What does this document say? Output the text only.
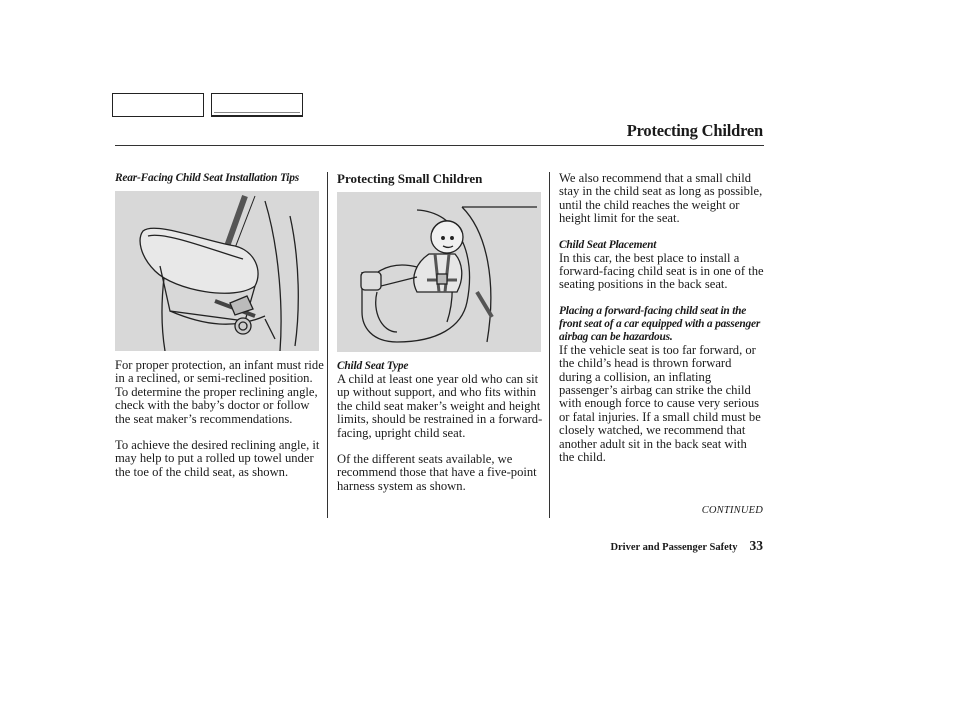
Protecting Children
Rear-Facing Child Seat Installation Tips

For proper protection, an infant must ride in a reclined, or semi-reclined position. To determine the proper reclining angle, check with the baby’s doctor or follow the seat maker’s recommendations.

To achieve the desired reclining angle, it may help to put a rolled up towel under the toe of the child seat, as shown.

Protecting Small Children
Child Seat Type

A child at least one year old who can sit up without support, and who fits within the child seat maker’s weight and height limits, should be restrained in a forward-facing, upright child seat.

Of the different seats available, we recommend those that have a five-point harness system as shown.

We also recommend that a small child stay in the child seat as long as possible, until the child reaches the weight or height limit for the seat.

Child Seat Placement

In this car, the best place to install a forward-facing child seat is in one of the seating positions in the back seat.

Placing a forward-facing child seat in the front seat of a car equipped with a passenger airbag can be hazardous.

If the vehicle seat is too far forward, or the child’s head is thrown forward during a collision, an inflating passenger’s airbag can strike the child with enough force to cause very serious or fatal injuries. If a small child must be closely watched, we recommend that another adult sit in the back seat with the child.

CONTINUED
Driver and Passenger Safety 33
